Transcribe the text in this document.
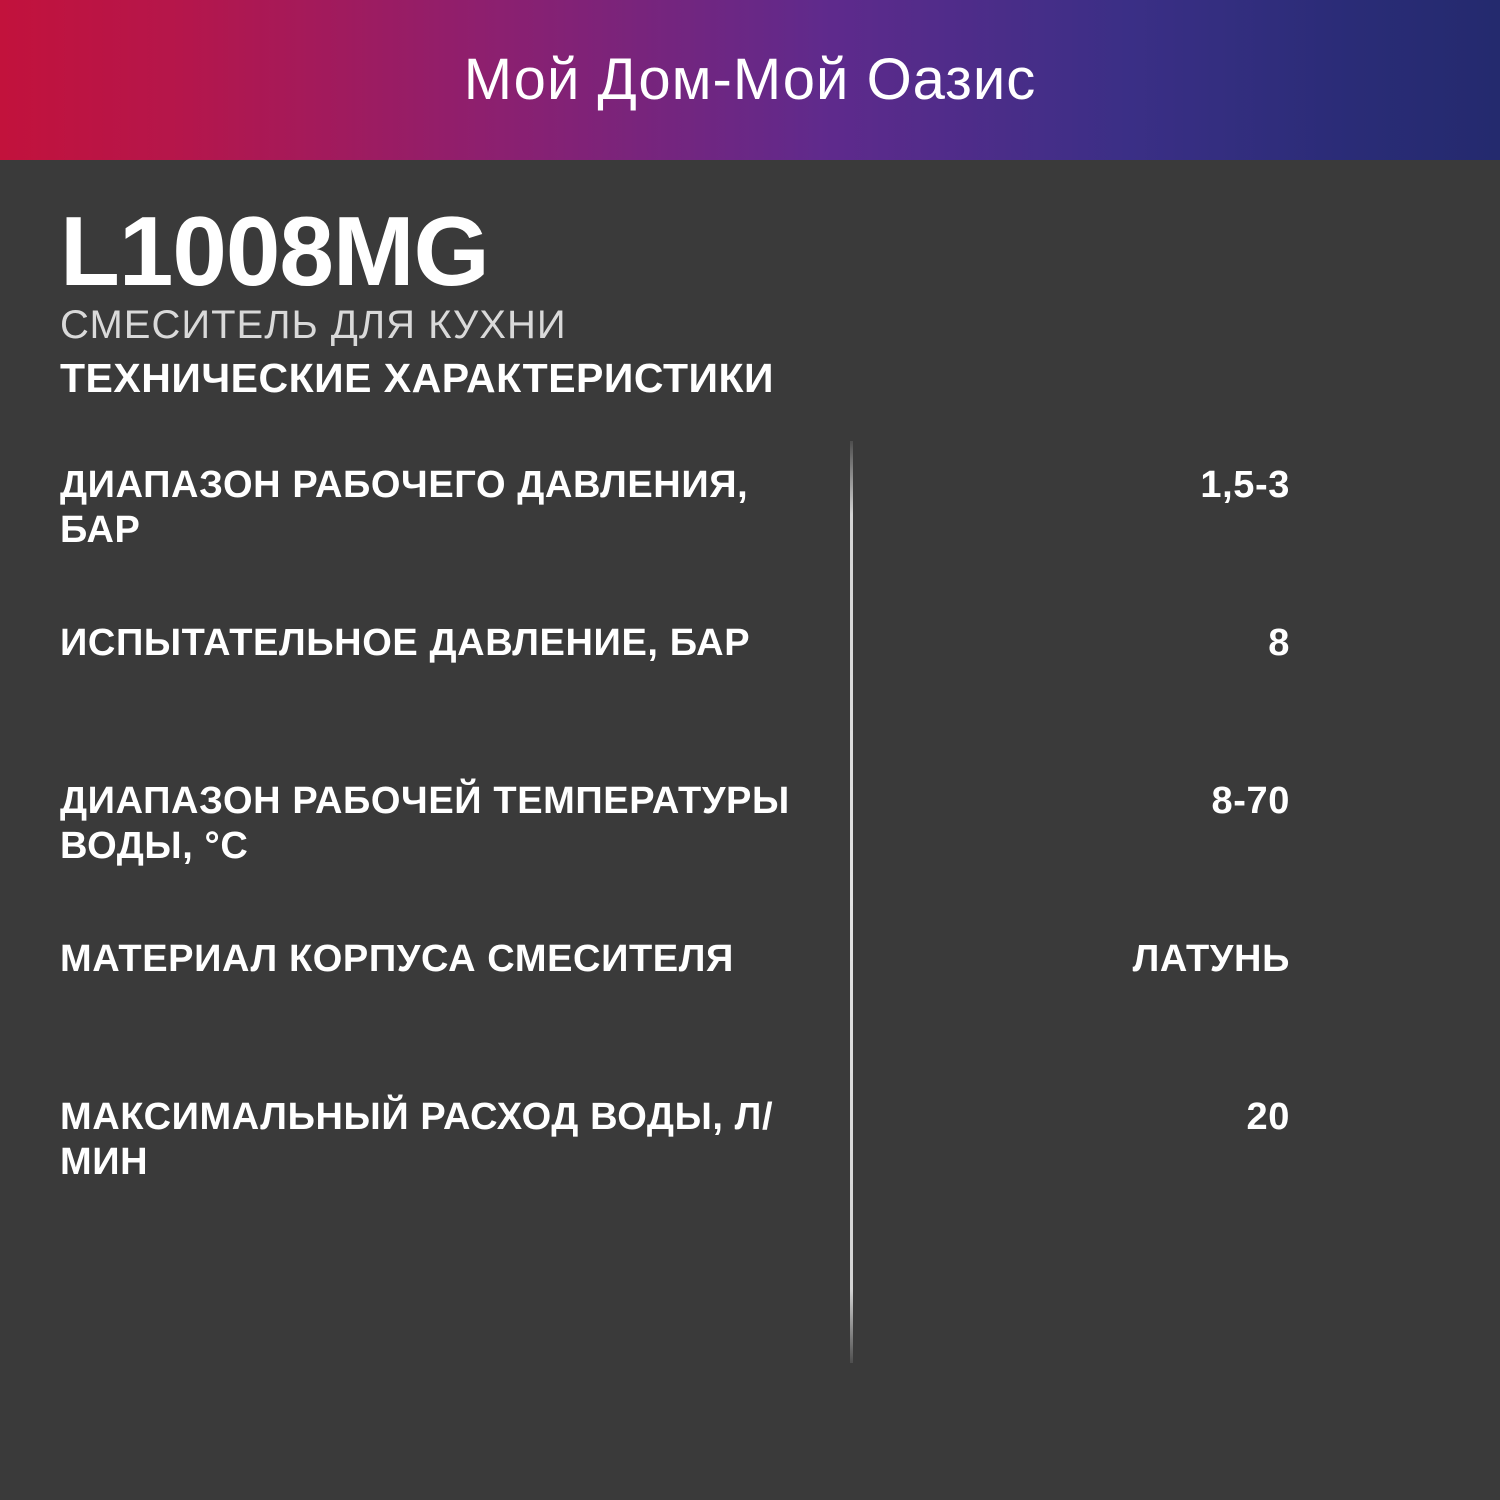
Мой Дом-Мой Оазис
L1008MG
СМЕСИТЕЛЬ ДЛЯ КУХНИ
ТЕХНИЧЕСКИЕ ХАРАКТЕРИСТИКИ
ДИАПАЗОН РАБОЧЕГО ДАВЛЕНИЯ, БАР
1,5-3
ИСПЫТАТЕЛЬНОЕ ДАВЛЕНИЕ, БАР	8
ДИАПАЗОН РАБОЧЕЙ ТЕМПЕРАТУРЫ ВОДЫ, °C
8-70
МАТЕРИАЛ КОРПУСА СМЕСИТЕЛЯ	ЛАТУНЬ
МАКСИМАЛЬНЫЙ РАСХОД ВОДЫ, Л/МИН
20
